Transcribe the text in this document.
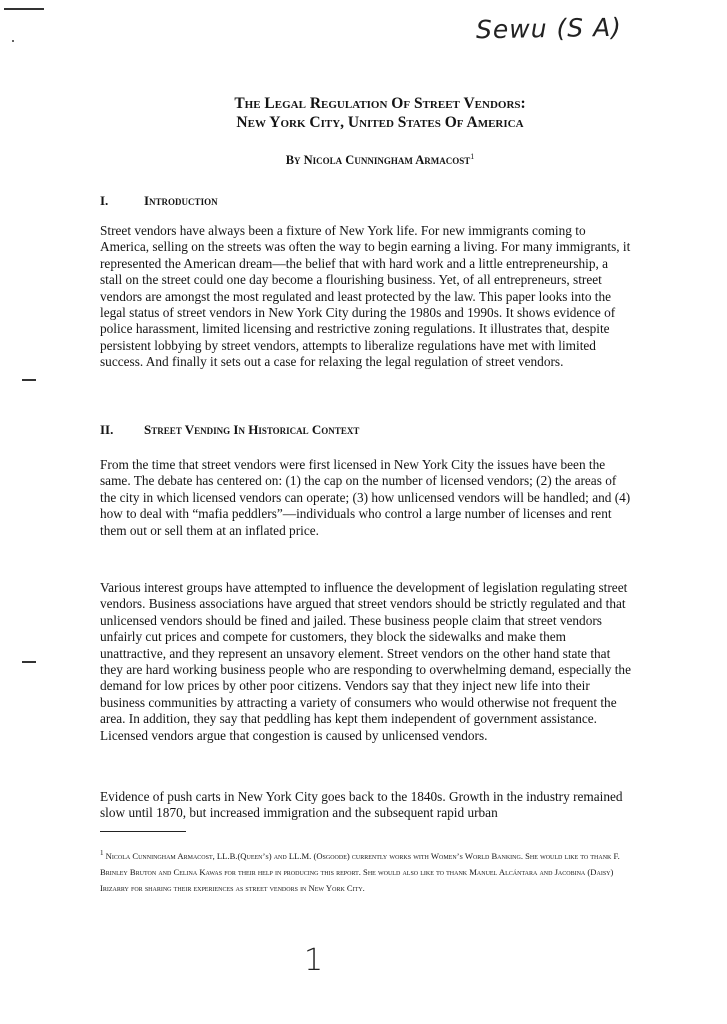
Sewu (S A)
The Legal Regulation Of Street Vendors:
New York City, United States Of America
By Nicola Cunningham Armacost$^1$
I.	Introduction
Street vendors have always been a fixture of New York life. For new immigrants coming to America, selling on the streets was often the way to begin earning a living. For many immigrants, it represented the American dream—the belief that with hard work and a little entrepreneurship, a stall on the street could one day become a flourishing business. Yet, of all entrepreneurs, street vendors are amongst the most regulated and least protected by the law. This paper looks into the legal status of street vendors in New York City during the 1980s and 1990s. It shows evidence of police harassment, limited licensing and restrictive zoning regulations. It illustrates that, despite persistent lobbying by street vendors, attempts to liberalize regulations have met with limited success. And finally it sets out a case for relaxing the legal regulation of street vendors.
II. Street Vending In Historical Context
From the time that street vendors were first licensed in New York City the issues have been the same. The debate has centered on: (1) the cap on the number of licensed vendors; (2) the areas of the city in which licensed vendors can operate; (3) how unlicensed vendors will be handled; and (4) how to deal with “mafia peddlers”—individuals who control a large number of licenses and rent them out or sell them at an inflated price.
Various interest groups have attempted to influence the development of legislation regulating street vendors. Business associations have argued that street vendors should be strictly regulated and that unlicensed vendors should be fined and jailed. These business people claim that street vendors unfairly cut prices and compete for customers, they block the sidewalks and make them unattractive, and they represent an unsavory element. Street vendors on the other hand state that they are hard working business people who are responding to overwhelming demand, especially the demand for low prices by other poor citizens. Vendors say that they inject new life into their business communities by attracting a variety of consumers who would otherwise not frequent the area. In addition, they say that peddling has kept them independent of government assistance. Licensed vendors argue that congestion is caused by unlicensed vendors.
Evidence of push carts in New York City goes back to the 1840s. Growth in the industry remained slow until 1870, but increased immigration and the subsequent rapid urban
$^1$ Nicola Cunningham Armacost, LL.B.(Queen’s) and LL.M. (Osgoode) currently works with Women’s World Banking. She would like to thank F. Brinley Bruton and Celina Kawas for their help in producing this report. She would also like to thank Manuel Alcántara and Jacobina (Daisy) Irizarry for sharing their experiences as street vendors in New York City.
1
